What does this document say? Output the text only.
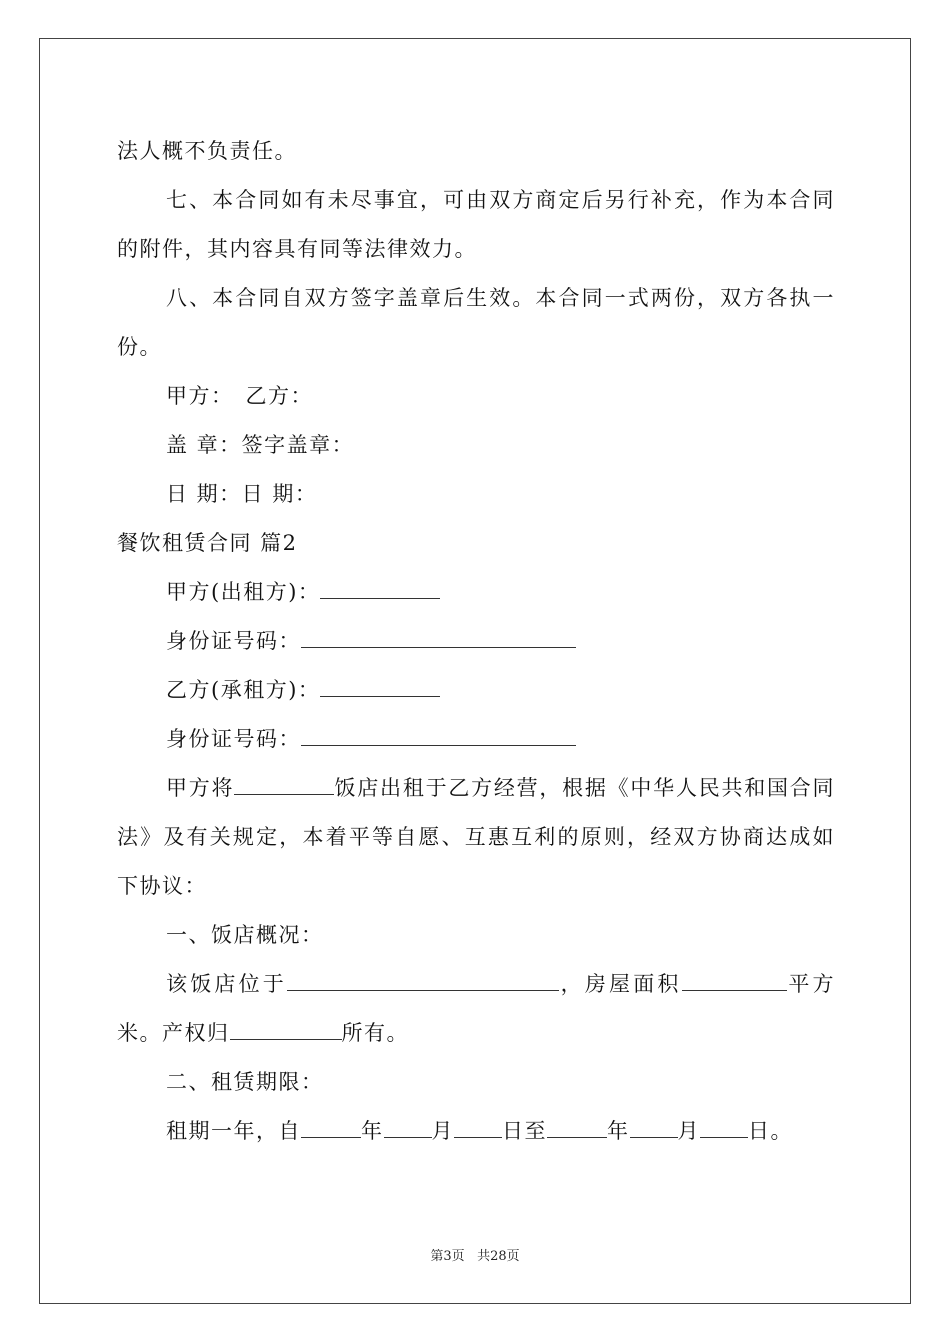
法人概不负责任。
七、本合同如有未尽事宜，可由双方商定后另行补充，作为本合同的附件，其内容具有同等法律效力。
八、本合同自双方签字盖章后生效。本合同一式两份，双方各执一份。
甲方：　乙方：
盖 章：签字盖章：
日 期：日 期：
餐饮租赁合同 篇2
甲方(出租方)：
身份证号码：
乙方(承租方)：
身份证号码：
甲方将	饭店出租于乙方经营，根据《中华人民共和国合同法》及有关规定，本着平等自愿、互惠互利的原则，经双方协商达成如下协议：
一、饭店概况：
该饭店位于	，房屋面积	平方米。产权归	所有。
二、租赁期限：
租期一年，自	年 月 日至	年 月 日。
第3页 共28页
